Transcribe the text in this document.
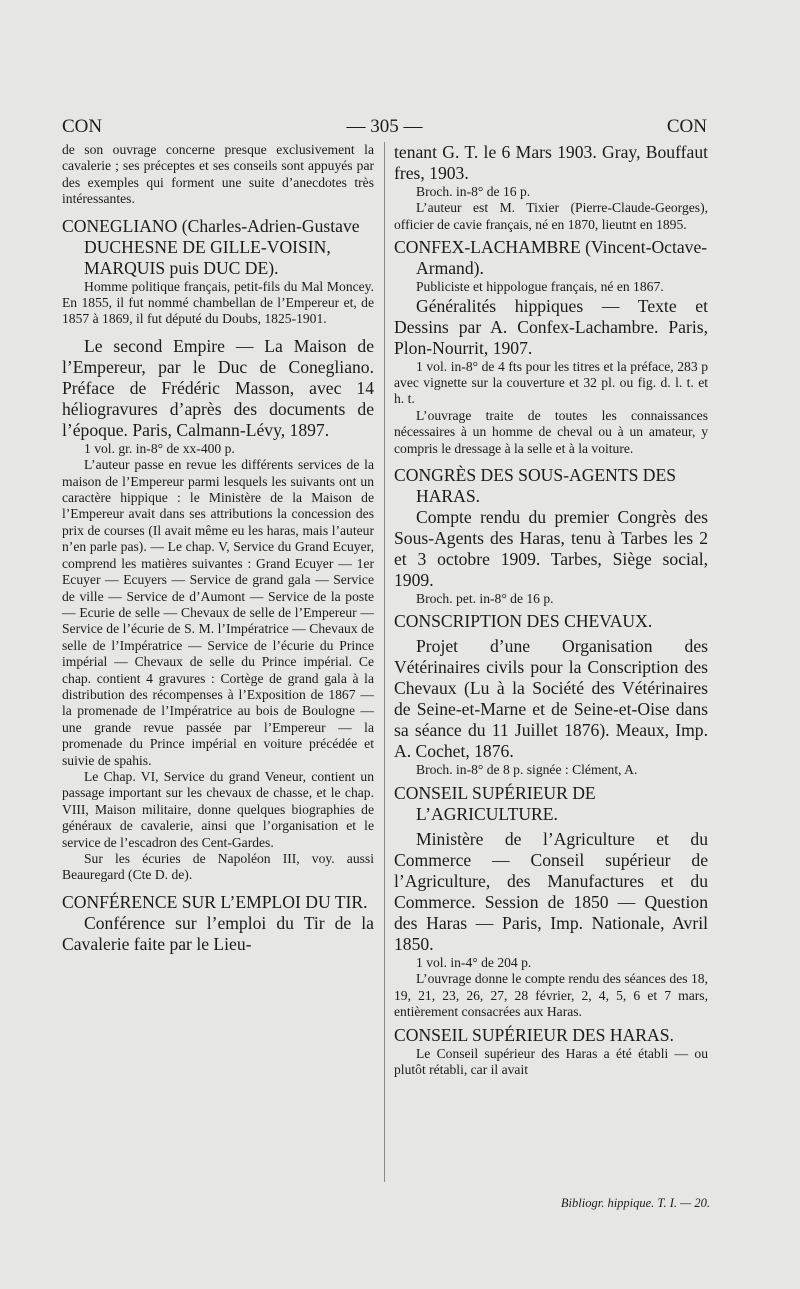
CON	— 305 —	CON

de son ouvrage concerne presque exclusivement la cavalerie ; ses préceptes et ses conseils sont appuyés par des exemples qui forment une suite d’anecdotes très intéressantes.

CONEGLIANO (Charles-Adrien-Gustave DUCHESNE DE GILLE-VOISIN, MARQUIS puis DUC DE).

Homme politique français, petit-fils du Mal Moncey. En 1855, il fut nommé chambellan de l’Empereur et, de 1857 à 1869, il fut député du Doubs, 1825-1901.

Le second Empire — La Maison de l’Empereur, par le Duc de Conegliano. Préface de Frédéric Masson, avec 14 héliogravures d’après des documents de l’époque. Paris, Calmann-Lévy, 1897.

1 vol. gr. in-8° de xx-400 p.

L’auteur passe en revue les différents services de la maison de l’Empereur parmi lesquels les suivants ont un caractère hippique : le Ministère de la Maison de l’Empereur avait dans ses attributions la concession des prix de courses (Il avait même eu les haras, mais l’auteur n’en parle pas). — Le chap. V, Service du Grand Ecuyer, comprend les matières suivantes : Grand Ecuyer — 1er Ecuyer — Ecuyers — Service de grand gala — Service de ville — Service de d’Aumont — Service de la poste — Ecurie de selle — Chevaux de selle de l’Empereur — Service de l’écurie de S. M. l’Impératrice — Chevaux de selle de l’Impératrice — Service de l’écurie du Prince impérial — Chevaux de selle du Prince impérial. Ce chap. contient 4 gravures : Cortège de grand gala à la distribution des récompenses à l’Exposition de 1867 — la promenade de l’Impératrice au bois de Boulogne — une grande revue passée par l’Empereur — la promenade du Prince impérial en voiture précédée et suivie de spahis.

Le Chap. VI, Service du grand Veneur, contient un passage important sur les chevaux de chasse, et le chap. VIII, Maison militaire, donne quelques biographies de généraux de cavalerie, ainsi que l’organisation et le service de l’escadron des Cent-Gardes.

Sur les écuries de Napoléon III, voy. aussi Beauregard (Cte D. de).

CONFÉRENCE SUR L’EMPLOI DU TIR.

Conférence sur l’emploi du Tir de la Cavalerie faite par le Lieu-

tenant G. T. le 6 Mars 1903. Gray, Bouffaut fres, 1903.

Broch. in-8° de 16 p.

L’auteur est M. Tixier (Pierre-Claude-Georges), officier de cavie français, né en 1870, lieutnt en 1895.

CONFEX-LACHAMBRE (Vincent-Octave-Armand).

Publiciste et hippologue français, né en 1867.

Généralités hippiques — Texte et Dessins par A. Confex-Lachambre. Paris, Plon-Nourrit, 1907.

1 vol. in-8° de 4 fts pour les titres et la préface, 283 p avec vignette sur la couverture et 32 pl. ou fig. d. l. t. et h. t.

L’ouvrage traite de toutes les connaissances nécessaires à un homme de cheval ou à un amateur, y compris le dressage à la selle et à la voiture.

CONGRÈS DES SOUS-AGENTS DES HARAS.

Compte rendu du premier Congrès des Sous-Agents des Haras, tenu à Tarbes les 2 et 3 octobre 1909. Tarbes, Siège social, 1909.

Broch. pet. in-8° de 16 p.

CONSCRIPTION DES CHEVAUX.

Projet d’une Organisation des Vétérinaires civils pour la Conscription des Chevaux (Lu à la Société des Vétérinaires de Seine-et-Marne et de Seine-et-Oise dans sa séance du 11 Juillet 1876). Meaux, Imp. A. Cochet, 1876.

Broch. in-8° de 8 p. signée : Clément, A.

CONSEIL SUPÉRIEUR DE L’AGRICULTURE.

Ministère de l’Agriculture et du Commerce — Conseil supérieur de l’Agriculture, des Manufactures et du Commerce. Session de 1850 — Question des Haras — Paris, Imp. Nationale, Avril 1850.

1 vol. in-4° de 204 p.

L’ouvrage donne le compte rendu des séances des 18, 19, 21, 23, 26, 27, 28 février, 2, 4, 5, 6 et 7 mars, entièrement consacrées aux Haras.

CONSEIL SUPÉRIEUR DES HARAS.

Le Conseil supérieur des Haras a été établi — ou plutôt rétabli, car il avait

Bibliogr. hippique. T. I. — 20.
